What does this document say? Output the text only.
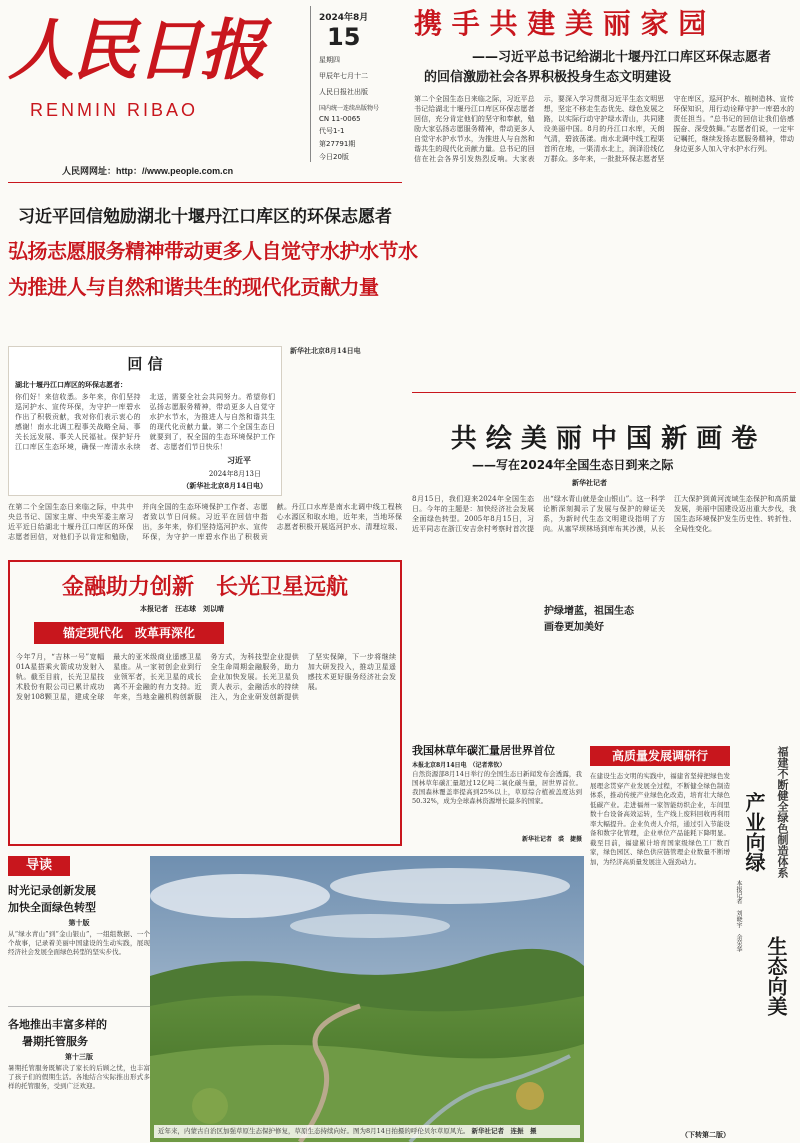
人民日报
RENMIN RIBAO
人民网网址：http：//www.people.com.cn
2024年8月
15
星期四
甲辰年七月十二
人民日报社出版
国内统一连续出版物号
CN 11-0065
代号1-1
第27791期
今日20版
携 手 共 建 美 丽 家 园
——习近平总书记给湖北十堰丹江口库区环保志愿者
的回信激励社会各界积极投身生态文明建设
第二个全国生态日来临之际，习近平总书记给湖北十堰丹江口库区环保志愿者回信，充分肯定他们的坚守和奉献，勉励大家弘扬志愿服务精神，带动更多人自觉守水护水节水，为推进人与自然和谐共生的现代化贡献力量。总书记的回信在社会各界引发热烈反响。大家表示，要深入学习贯彻习近平生态文明思想，坚定不移走生态优先、绿色发展之路，以实际行动守护绿水青山，共同建设美丽中国。8月的丹江口水库，天朗气清，碧波荡漾。南水北调中线工程渠首所在地，一渠清水北上，润泽沿线亿万群众。多年来，一批批环保志愿者坚守在库区，巡河护水、植树造林、宣传环保知识，用行动诠释守护一库碧水的责任担当。“总书记的回信让我们倍感振奋、深受鼓舞。”志愿者们说，一定牢记嘱托，继续发扬志愿服务精神，带动身边更多人加入守水护水行列。
习近平回信勉励湖北十堰丹江口库区的环保志愿者
弘扬志愿服务精神带动更多人自觉守水护水节水
为推进人与自然和谐共生的现代化贡献力量
回 信
湖北十堰丹江口库区的环保志愿者：
你们好！来信收悉。多年来，你们坚持巡河护水、宣传环保，为守护一库碧水作出了积极贡献，我对你们表示衷心的感谢！南水北调工程事关战略全局、事关长远发展、事关人民福祉。保护好丹江口库区生态环境，确保一库清水永续北送，需要全社会共同努力。希望你们弘扬志愿服务精神，带动更多人自觉守水护水节水，为推进人与自然和谐共生的现代化贡献力量。第二个全国生态日就要到了，祝全国的生态环境保护工作者、志愿者们节日快乐！
习近平
2024年8月13日
（新华社北京8月14日电）
新华社北京8月14日电
在第二个全国生态日来临之际，中共中央总书记、国家主席、中央军委主席习近平近日给湖北十堰丹江口库区的环保志愿者回信，对他们予以肯定和勉励，并向全国的生态环境保护工作者、志愿者致以节日问候。习近平在回信中指出，多年来，你们坚持巡河护水、宣传环保，为守护一库碧水作出了积极贡献。丹江口水库是南水北调中线工程核心水源区和取水地，近年来，当地环保志愿者积极开展巡河护水、清理垃圾、
共 绘 美 丽 中 国 新 画 卷
——写在2024年全国生态日到来之际
新华社记者
8月15日，我们迎来2024年全国生态日。今年的主题是：加快经济社会发展全面绿色转型。2005年8月15日，习近平同志在浙江安吉余村考察时首次提出“绿水青山就是金山银山”。这一科学论断深刻揭示了发展与保护的辩证关系，为新时代生态文明建设指明了方向。从塞罕坝林场到库布其沙漠，从长江大保护到黄河流域生态保护和高质量发展，美丽中国建设迈出重大步伐，我国生态环境保护发生历史性、转折性、全局性变化。
护绿增蓝，祖国生态
画卷更加美好
金融助力创新　长光卫星远航
本报记者　汪志球　刘以晴
锚定现代化　改革再深化
今年7月，“吉林一号”宽幅01A星搭乘火箭成功发射入轨。截至目前，长光卫星技术股份有限公司已累计成功发射108颗卫星，建成全球最大的亚米级商业遥感卫星星座。从一家初创企业到行业领军者，长光卫星的成长离不开金融的有力支持。近年来，当地金融机构创新服务方式，为科技型企业提供全生命周期金融服务，助力企业加快发展。长光卫星负责人表示，金融活水的持续注入，为企业研发创新提供了坚实保障，下一步将继续加大研发投入，推动卫星遥感技术更好服务经济社会发展。
我国林草年碳汇量居世界首位
本报北京8月14日电　（记者常钦）
自然资源部8月14日举行的全国生态日新闻发布会透露，我国林草年碳汇量超过12亿吨二氧化碳当量，居世界首位。我国森林覆盖率提高到25%以上，草原综合植被盖度达到50.32%，成为全球森林资源增长最多的国家。
新华社记者　裘　捷摄
高质量发展调研行
在建设生态文明的实践中，福建省坚持把绿色发展理念贯穿产业发展全过程，不断健全绿色制造体系，推动传统产业绿色化改造，培育壮大绿色低碳产业。走进福州一家智能纺织企业，车间里数十台设备高效运转，生产线上废料回收再利用率大幅提升。企业负责人介绍，通过引入节能设备和数字化管理，企业单位产品能耗下降明显。截至目前，福建累计培育国家级绿色工厂数百家，绿色园区、绿色供应链管理企业数量不断增加，为经济高质量发展注入强劲动力。
（下转第二版）
福建不断健全绿色制造体系
产业向绿
生态向美
本报记者　刘晓宇　余荣华
导读
时光记录创新发展
加快全面绿色转型
第十版
从“绿水青山”到“金山银山”，一组组数据、一个个故事，记录着美丽中国建设的生动实践，展现经济社会发展全面绿色转型的坚实步伐。
各地推出丰富多样的
暑期托管服务
第十三版
暑期托管服务既解决了家长的后顾之忧，也丰富了孩子们的假期生活。各地结合实际推出形式多样的托管服务，受到广泛欢迎。
近年来，内蒙古自治区加强草原生态保护修复，草原生态持续向好。图为8月14日拍摄的呼伦贝尔草原风光。 新华社记者　连振　摄
